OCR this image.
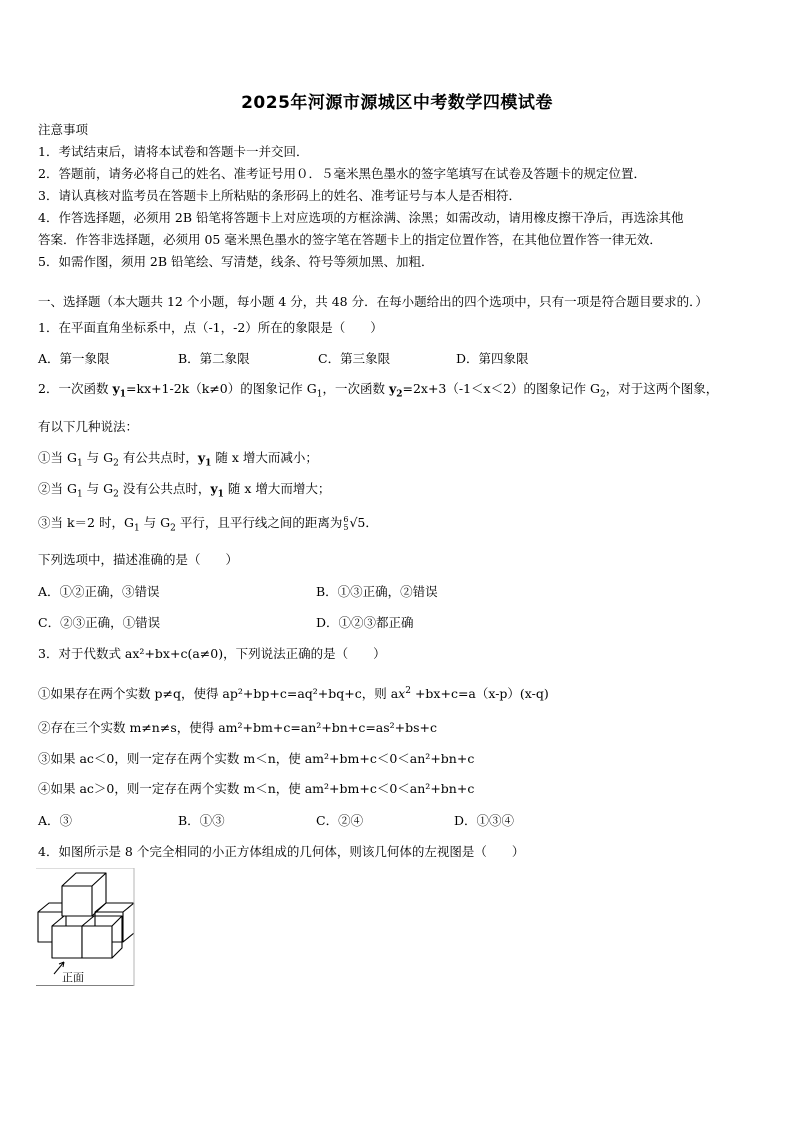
2025年河源市源城区中考数学四模试卷
注意事项
1．考试结束后，请将本试卷和答题卡一并交回．
2．答题前，请务必将自己的姓名、准考证号用０．５毫米黑色墨水的签字笔填写在试卷及答题卡的规定位置．
3．请认真核对监考员在答题卡上所粘贴的条形码上的姓名、准考证号与本人是否相符．
4．作答选择题，必须用 2B 铅笔将答题卡上对应选项的方框涂满、涂黑；如需改动，请用橡皮擦干净后，再选涂其他
答案．作答非选择题，必须用 05 毫米黑色墨水的签字笔在答题卡上的指定位置作答，在其他位置作答一律无效．
5．如需作图，须用 2B 铅笔绘、写清楚，线条、符号等须加黑、加粗．
一、选择题（本大题共 12 个小题，每小题 4 分，共 48 分．在每小题给出的四个选项中，只有一项是符合题目要求的．）
1．在平面直角坐标系中，点（-1，-2）所在的象限是（　　）
A．第一象限	B．第二象限	C．第三象限	D．第四象限
2．一次函数 $y_1=kx+1-2k(k\ne 0)$的图象记作 $G_1$，一次函数 $y_2=2x+3(-1<x<2)$的图象记作 $G_2$，对于这两个图象，
有以下几种说法：
①当 $G_1$ 与 $G_2$ 有公共点时，$y_1$ 随 x 增大而减小；
②当 $G_1$ 与 $G_2$ 没有公共点时，$y_1$ 随 x 增大而增大；
③当 k＝2 时，$G_1$ 与 $G_2$ 平行，且平行线之间的距离为 6
5 √5．
下列选项中，描述准确的是（　　）
A．①②正确，③错误	B．①③正确，②错误
C．②③正确，①错误	D．①②③都正确
3．对于代数式 ax²+bx+c(a≠0)，下列说法正确的是（　　）
①如果存在两个实数 p≠q，使得 ap²+bp+c=aq²+bq+c，则 $ax^2 +bx+c=a(x-p)(x-q)$
②存在三个实数 m≠n≠s，使得 am²+bm+c=an²+bn+c=as²+bs+c
③如果 ac＜0，则一定存在两个实数 m＜n，使 am²+bm+c＜0＜an²+bn+c
④如果 ac＞0，则一定存在两个实数 m＜n，使 am²+bm+c＜0＜an²+bn+c
A．③	B．①③	C．②④	D．①③④
4．如图所示是 8 个完全相同的小正方体组成的几何体，则该几何体的左视图是（　　）
正面
